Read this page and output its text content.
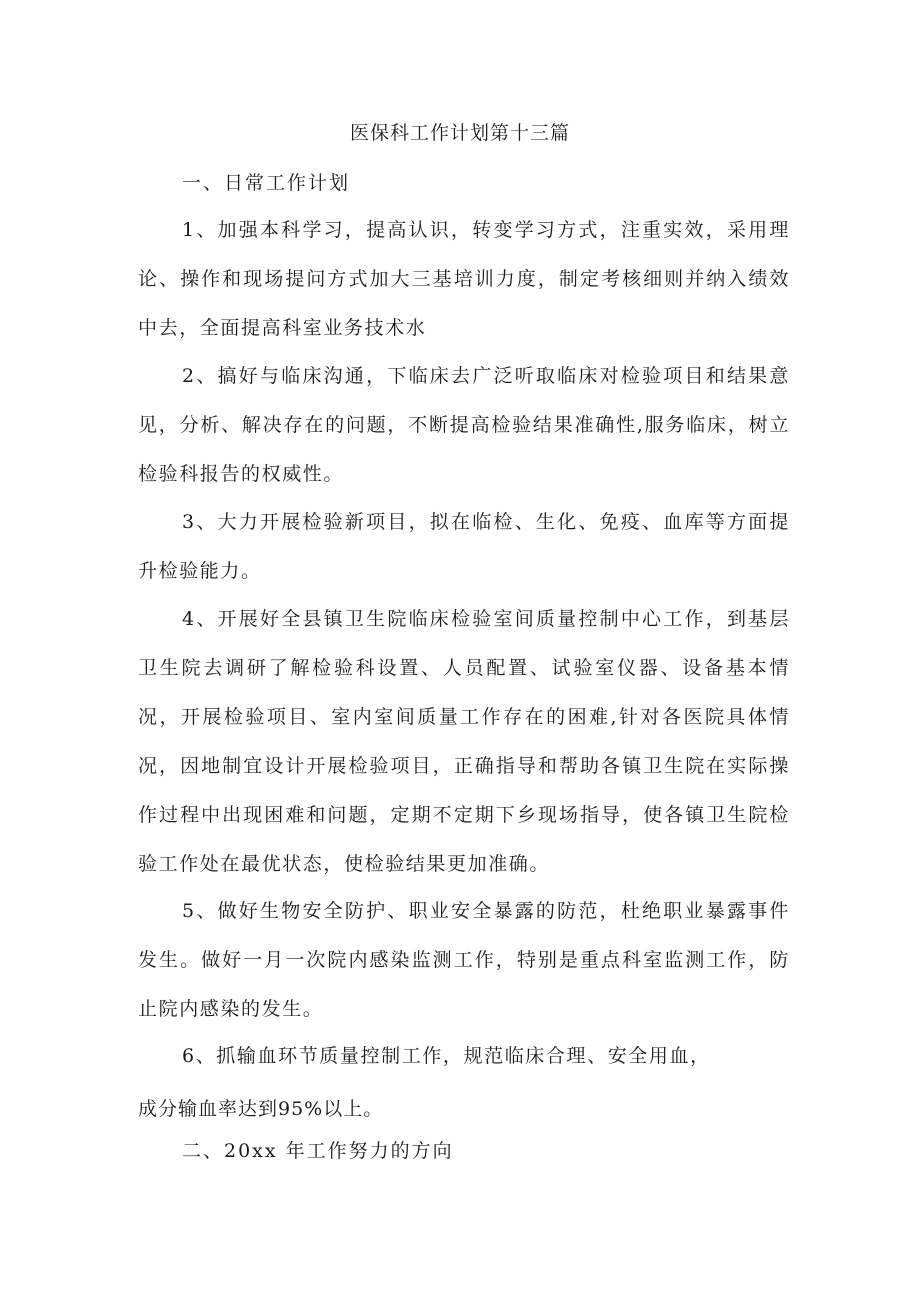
医保科工作计划第十三篇
一、日常工作计划
1、加强本科学习，提高认识，转变学习方式，注重实效，采用理论、操作和现场提问方式加大三基培训力度，制定考核细则并纳入绩效中去，全面提高科室业务技术水
2、搞好与临床沟通，下临床去广泛听取临床对检验项目和结果意见，分析、解决存在的问题，不断提高检验结果准确性,服务临床，树立检验科报告的权威性。
3、大力开展检验新项目，拟在临检、生化、免疫、血库等方面提升检验能力。
4、开展好全县镇卫生院临床检验室间质量控制中心工作，到基层卫生院去调研了解检验科设置、人员配置、试验室仪器、设备基本情况，开展检验项目、室内室间质量工作存在的困难,针对各医院具体情况，因地制宜设计开展检验项目，正确指导和帮助各镇卫生院在实际操作过程中出现困难和问题，定期不定期下乡现场指导，使各镇卫生院检验工作处在最优状态，使检验结果更加准确。
5、做好生物安全防护、职业安全暴露的防范，杜绝职业暴露事件发生。做好一月一次院内感染监测工作，特别是重点科室监测工作，防止院内感染的发生。
6、抓输血环节质量控制工作，规范临床合理、安全用血，
成分输血率达到95%以上。
二、20xx 年工作努力的方向
